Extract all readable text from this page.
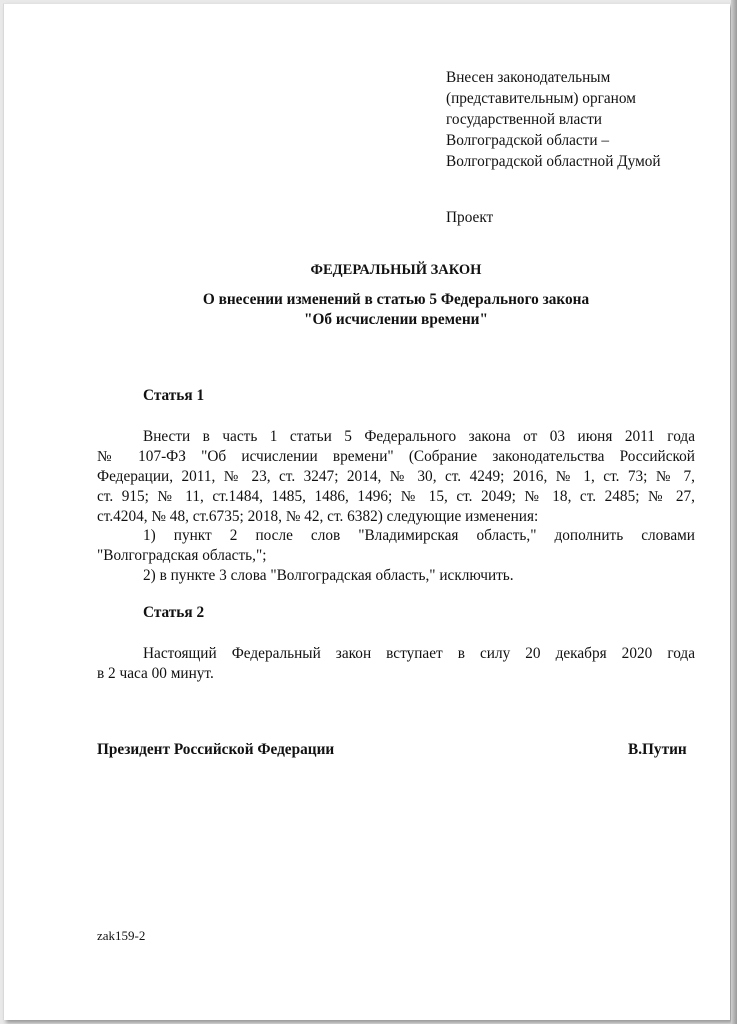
Внесен законодательным
(представительным) органом
государственной власти
Волгоградской области –
Волгоградской областной Думой
Проект
ФЕДЕРАЛЬНЫЙ ЗАКОН
О внесении изменений в статью 5 Федерального закона
"Об исчислении времени"
Статья 1
Внести в часть 1 статьи 5 Федерального закона от 03 июня 2011 года
№ 107-ФЗ "Об исчислении времени" (Собрание законодательства Российской
Федерации, 2011, № 23, ст. 3247; 2014, № 30, ст. 4249; 2016, № 1, ст. 73; № 7,
ст. 915; № 11, ст.1484, 1485, 1486, 1496; № 15, ст. 2049; № 18, ст. 2485; № 27,
ст.4204, № 48, ст.6735; 2018, № 42, ст. 6382) следующие изменения:
1) пункт 2 после слов "Владимирская область," дополнить словами
"Волгоградская область,";
2) в пункте 3 слова "Волгоградская область," исключить.
Статья 2
Настоящий Федеральный закон вступает в силу 20 декабря 2020 года
в 2 часа 00 минут.
Президент Российской Федерации	В.Путин
zak159-2
